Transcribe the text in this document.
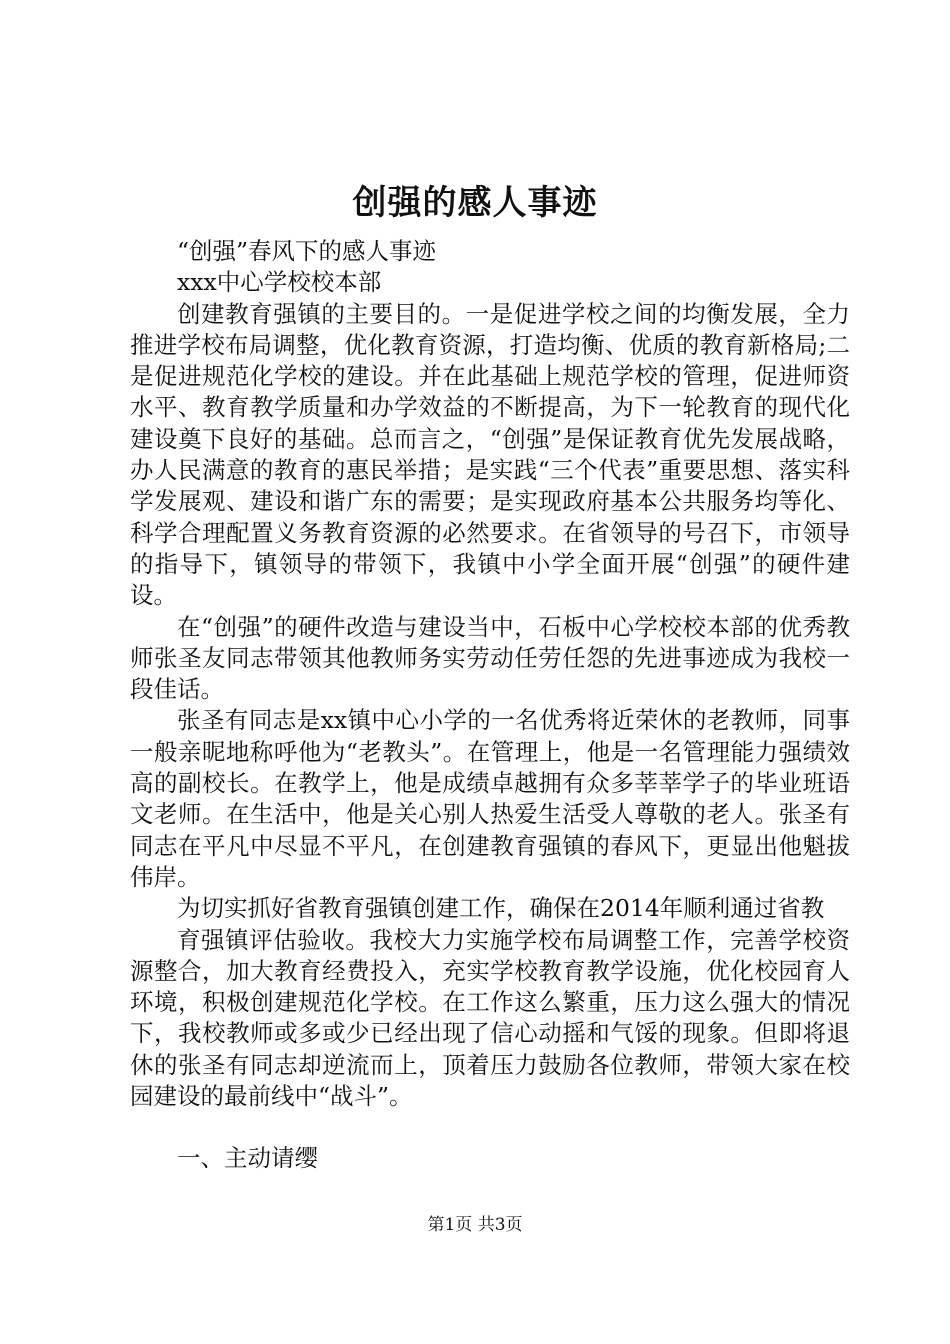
创强的感人事迹

“创强”春风下的感人事迹

xxx中心学校校本部

创建教育强镇的主要目的。一是促进学校之间的均衡发展，全力推进学校布局调整，优化教育资源，打造均衡、优质的教育新格局;二是促进规范化学校的建设。并在此基础上规范学校的管理，促进师资水平、教育教学质量和办学效益的不断提高，为下一轮教育的现代化建设奠下良好的基础。总而言之，“创强”是保证教育优先发展战略，办人民满意的教育的惠民举措；是实践“三个代表”重要思想、落实科学发展观、建设和谐广东的需要；是实现政府基本公共服务均等化、科学合理配置义务教育资源的必然要求。在省领导的号召下，市领导的指导下，镇领导的带领下，我镇中小学全面开展“创强”的硬件建设。

在“创强”的硬件改造与建设当中，石板中心学校校本部的优秀教师张圣友同志带领其他教师务实劳动任劳任怨的先进事迹成为我校一段佳话。

张圣有同志是xx镇中心小学的一名优秀将近荣休的老教师，同事一般亲昵地称呼他为“老教头”。在管理上，他是一名管理能力强绩效高的副校长。在教学上，他是成绩卓越拥有众多莘莘学子的毕业班语文老师。在生活中，他是关心别人热爱生活受人尊敬的老人。张圣有同志在平凡中尽显不平凡，在创建教育强镇的春风下，更显出他魁拔伟岸。

为切实抓好省教育强镇创建工作，确保在2014年顺利通过省教

育强镇评估验收。我校大力实施学校布局调整工作，完善学校资源整合，加大教育经费投入，充实学校教育教学设施，优化校园育人环境，积极创建规范化学校。在工作这么繁重，压力这么强大的情况下，我校教师或多或少已经出现了信心动摇和气馁的现象。但即将退休的张圣有同志却逆流而上，顶着压力鼓励各位教师，带领大家在校园建设的最前线中“战斗”。

一、主动请缨

第1页 共3页
